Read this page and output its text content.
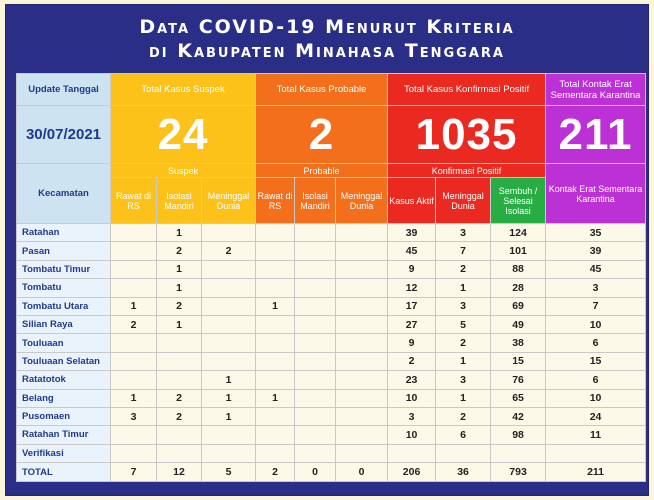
Data COVID-19 Menurut Kriteria
di Kabupaten Minahasa Tenggara
Update Tanggal	Total Kasus Suspek			Total Kasus Probable			Total Kasus Konfirmasi Positif			Total Kontak Erat Sementara Karantina
30/07/2021	24			2			1035			211
Kecamatan	Suspek			Probable			Konfirmasi Positif			Kontak Erat Sementara Karantina
	Rawat di RS	Isolasi Mandiri	Meninggal Dunia	Rawat di RS	Isolasi Mandiri	Meninggal Dunia	Kasus Aktif	Meninggal Dunia	Sembuh / Selesai Isolasi	
Ratahan		1					39	3	124	35
Pasan		2	2				45	7	101	39
Tombatu Timur		1					9	2	88	45
Tombatu		1					12	1	28	3
Tombatu Utara	1	2		1			17	3	69	7
Silian Raya	2	1					27	5	49	10
Touluaan							9	2	38	6
Touluaan Selatan							2	1	15	15
Ratatotok			1				23	3	76	6
Belang	1	2	1	1			10	1	65	10
Pusomaen	3	2	1				3	2	42	24
Ratahan Timur							10	6	98	11
Verifikasi										
TOTAL	7	12	5	2	0	0	206	36	793	211
